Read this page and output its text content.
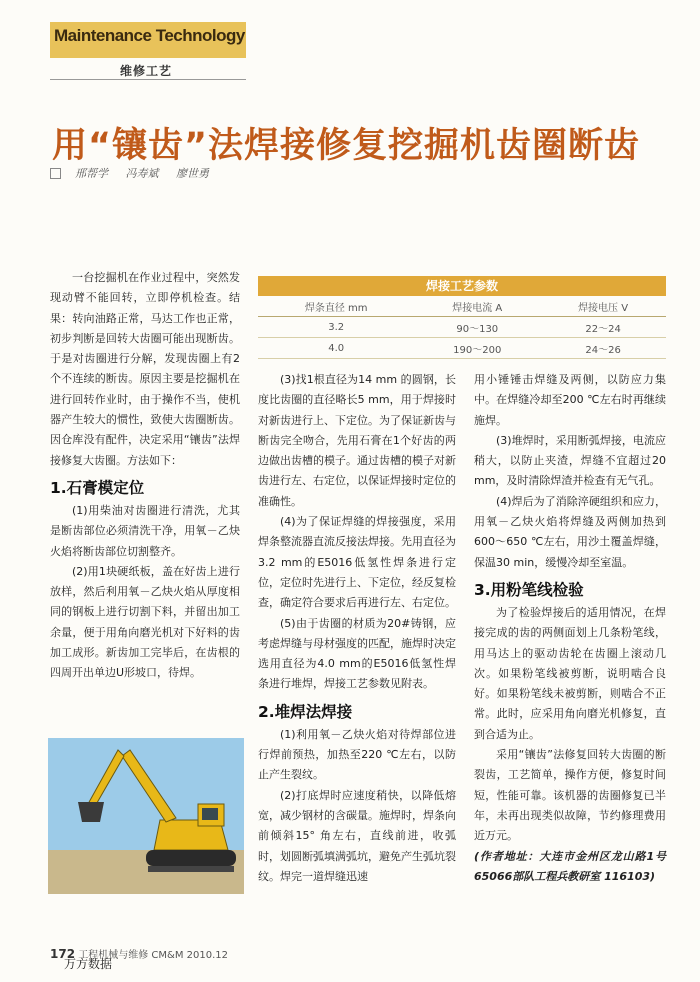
Maintenance Technology
维修工艺
用“镶齿”法焊接修复挖掘机齿圈断齿
邢帮学 冯寿斌 廖世勇

一台挖掘机在作业过程中，突然发现动臂不能回转，立即停机检查。结果：转向油路正常，马达工作也正常，初步判断是回转大齿圈可能出现断齿。于是对齿圈进行分解，发现齿圈上有2个不连续的断齿。原因主要是挖掘机在进行回转作业时，由于操作不当，使机器产生较大的惯性，致使大齿圈断齿。因仓库没有配件，决定采用“镶齿”法焊接修复大齿圈。方法如下：

1.石膏模定位

(1)用柴油对齿圈进行清洗，尤其是断齿部位必须清洗干净，用氧－乙炔火焰将断齿部位切割整齐。

(2)用1块硬纸板，盖在好齿上进行放样，然后利用氧－乙炔火焰从厚度相同的钢板上进行切割下料，并留出加工余量，便于用角向磨光机对下好料的齿加工成形。新齿加工完毕后，在齿根的四周开出单边U形坡口，待焊。

焊接工艺参数
焊条直径 mm	焊接电流 A	焊接电压 V
3.2	90～130	22～24
4.0	190～200	24～26

(3)找1根直径为14 mm 的圆钢，长度比齿圈的直径略长5 mm，用于焊接时对新齿进行上、下定位。为了保证新齿与断齿完全吻合，先用石膏在1个好齿的两边做出齿槽的模子。通过齿槽的模子对新齿进行左、右定位，以保证焊接时定位的准确性。

(4)为了保证焊缝的焊接强度，采用焊条整流器直流反接法焊接。先用直径为3.2 mm的E5016低氢性焊条进行定位，定位时先进行上、下定位，经反复检查，确定符合要求后再进行左、右定位。

(5)由于齿圈的材质为20#铸钢，应考虑焊缝与母材强度的匹配，施焊时决定选用直径为4.0 mm的E5016低氢性焊条进行堆焊，焊接工艺参数见附表。

2.堆焊法焊接

(1)利用氧－乙炔火焰对待焊部位进行焊前预热，加热至220 ℃左右，以防止产生裂纹。

(2)打底焊时应速度稍快，以降低熔宽，减少钢材的含碳量。施焊时，焊条向前倾斜15° 角左右，直线前进，收弧时，划圆断弧填满弧坑，避免产生弧坑裂纹。焊完一道焊缝迅速

用小锤锤击焊缝及两侧，以防应力集中。在焊缝冷却至200 ℃左右时再继续施焊。

(3)堆焊时，采用断弧焊接，电流应稍大，以防止夹渣，焊缝不宜超过20 mm，及时清除焊渣并检查有无气孔。

(4)焊后为了消除淬硬组织和应力，用氧－乙炔火焰将焊缝及两侧加热到600～650 ℃左右，用沙土覆盖焊缝，保温30 min，缓慢冷却至室温。

3.用粉笔线检验

为了检验焊接后的适用情况，在焊接完成的齿的两侧面划上几条粉笔线，用马达上的驱动齿轮在齿圈上滚动几次。如果粉笔线被剪断，说明啮合良好。如果粉笔线未被剪断，则啮合不正常。此时，应采用角向磨光机修复，直到合适为止。

采用“镶齿”法修复回转大齿圈的断裂齿，工艺简单，操作方便，修复时间短，性能可靠。该机器的齿圈修复已半年，未再出现类似故障，节约修理费用近万元。

(作者地址：大连市金州区龙山路1号65066部队工程兵教研室 116103)

172 工程机械与维修 CM&M 2010.12
万方数据
